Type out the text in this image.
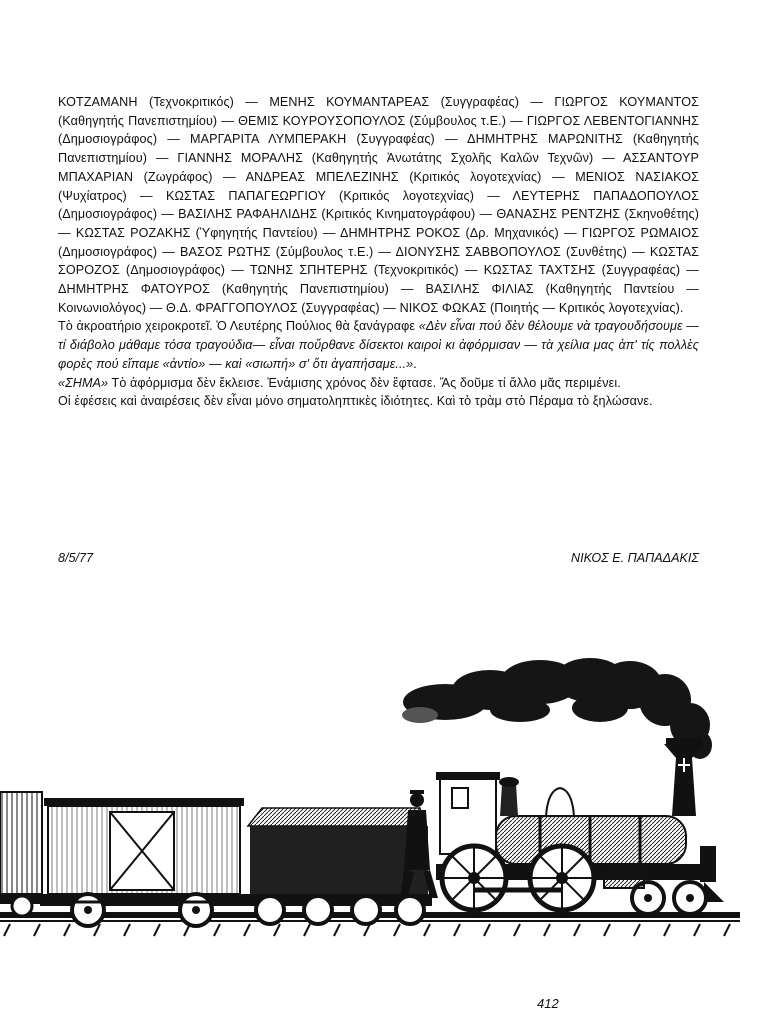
ΚΟΤΖΑΜΑΝΗ (Τεχνοκριτικός) — ΜΕΝΗΣ ΚΟΥΜΑΝΤΑΡΕΑΣ (Συγγραφέας) — ΓΙΩΡΓΟΣ ΚΟΥΜΑΝΤΟΣ (Καθηγητής Πανεπιστημίου) — ΘΕΜΙΣ ΚΟΥΡΟΥΣΟΠΟΥΛΟΣ (Σύμβουλος τ.Ε.) — ΓΙΩΡΓΟΣ ΛΕΒΕΝΤΟΓΙΑΝΝΗΣ (Δημοσιογράφος) — ΜΑΡΓΑΡΙΤΑ ΛΥΜΠΕΡΑΚΗ (Συγγραφέας) — ΔΗΜΗΤΡΗΣ ΜΑΡΩΝΙΤΗΣ (Καθηγητής Πανεπιστημίου) — ΓΙΑΝΝΗΣ ΜΟΡΑΛΗΣ (Καθηγητής Ἀνωτάτης Σχολῆς Καλῶν Τεχνῶν) — ΑΣΣΑΝΤΟΥΡ ΜΠΑΧΑΡΙΑΝ (Ζωγράφος) — ΑΝΔΡΕΑΣ ΜΠΕΛΕΖΙΝΗΣ (Κριτικός λογοτεχνίας) — ΜΕΝΙΟΣ ΝΑΣΙΑΚΟΣ (Ψυχίατρος) — ΚΩΣΤΑΣ ΠΑΠΑΓΕΩΡΓΙΟΥ (Κριτικός λογοτεχνίας) — ΛΕΥΤΕΡΗΣ ΠΑΠΑΔΟΠΟΥΛΟΣ (Δημοσιογράφος) — ΒΑΣΙΛΗΣ ΡΑΦΑΗΛΙΔΗΣ (Κριτικός Κινηματογράφου) — ΘΑΝΑΣΗΣ ΡΕΝΤΖΗΣ (Σκηνοθέτης) — ΚΩΣΤΑΣ ΡΟΖΑΚΗΣ (Ὑφηγητής Παντείου) — ΔΗΜΗΤΡΗΣ ΡΟΚΟΣ (Δρ. Μηχανικός) — ΓΙΩΡΓΟΣ ΡΩΜΑΙΟΣ (Δημοσιογράφος) — ΒΑΣΟΣ ΡΩΤΗΣ (Σύμβουλος τ.Ε.) — ΔΙΟΝΥΣΗΣ ΣΑΒΒΟΠΟΥΛΟΣ (Συνθέτης) — ΚΩΣΤΑΣ ΣΟΡΟΖΟΣ (Δημοσιογράφος) — ΤΩΝΗΣ ΣΠΗΤΕΡΗΣ (Τεχνοκριτικός) — ΚΩΣΤΑΣ ΤΑΧΤΣΗΣ (Συγγραφέας) — ΔΗΜΗΤΡΗΣ ΦΑΤΟΥΡΟΣ (Καθηγητής Πανεπιστημίου) — ΒΑΣΙΛΗΣ ΦΙΛΙΑΣ (Καθηγητής Παντείου — Κοινωνιολόγος) — Θ.Δ. ΦΡΑΓΓΟΠΟΥΛΟΣ (Συγγραφέας) — ΝΙΚΟΣ ΦΩΚΑΣ (Ποιητής — Κριτικός λογοτεχνίας).

Τὸ ἀκροατήριο χειροκροτεῖ. Ὁ Λευτέρης Πούλιος θὰ ξανάγραφε «Δὲν εἶναι πού δὲν θέλουμε νὰ τραγουδήσουμε —τί διάβολο μάθαμε τόσα τραγούδια— εἶναι ποὔρθανε δίσεκτοι καιροὶ κι ἀφόρμισαν — τὰ χείλια μας ἀπ' τίς πολλὲς φορὲς πού εἴπαμε «ἀντίο» — καὶ «σιωπή» σ' ὅτι ἀγαπήσαμε...».

«ΣΗΜΑ» Τὸ ἀφόρμισμα δὲν ἔκλεισε. Ἐνάμισης χρόνος δὲν ἔφτασε. Ἄς δοῦμε τί ἄλλο μᾶς περιμένει.

Οἱ ἐφέσεις καὶ ἀναιρέσεις δὲν εἶναι μόνο σηματοληπτικὲς ἰδιότητες. Καὶ τὸ τρὰμ στὸ Πέραμα τὸ ξηλώσανε.

8/5/77	ΝΙΚΟΣ Ε. ΠΑΠΑΔΑΚΙΣ
412
